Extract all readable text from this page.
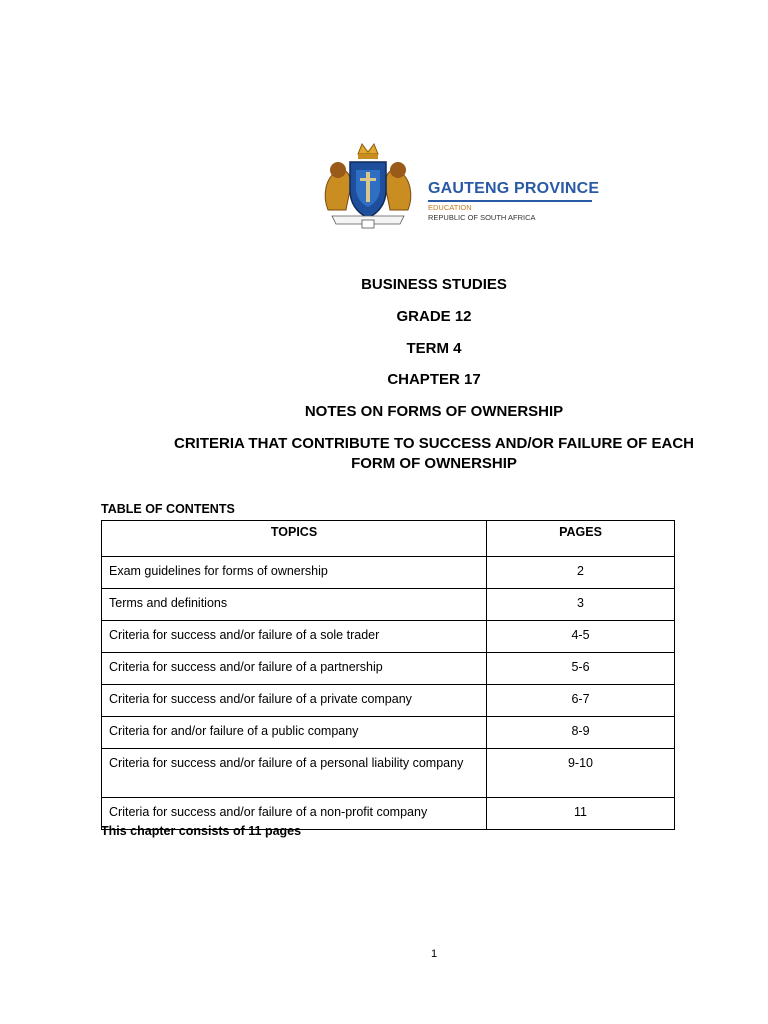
GAUTENG PROVINCE
EDUCATION
REPUBLIC OF SOUTH AFRICA
BUSINESS STUDIES
GRADE 12
TERM 4
CHAPTER 17
NOTES ON FORMS OF OWNERSHIP
CRITERIA THAT CONTRIBUTE TO SUCCESS AND/OR FAILURE OF EACH
FORM OF OWNERSHIP
TABLE OF CONTENTS
TOPICS	PAGES
Exam guidelines for forms of ownership	2
Terms and definitions	3
Criteria for success and/or failure of a sole trader	4-5
Criteria for success and/or failure of a partnership	5-6
Criteria for success and/or failure of a private company	6-7
Criteria for and/or failure of a public company	8-9
Criteria for success and/or failure of a personal liability company	9-10
Criteria for success and/or failure of a non-profit company	11
This chapter consists of 11 pages
1
